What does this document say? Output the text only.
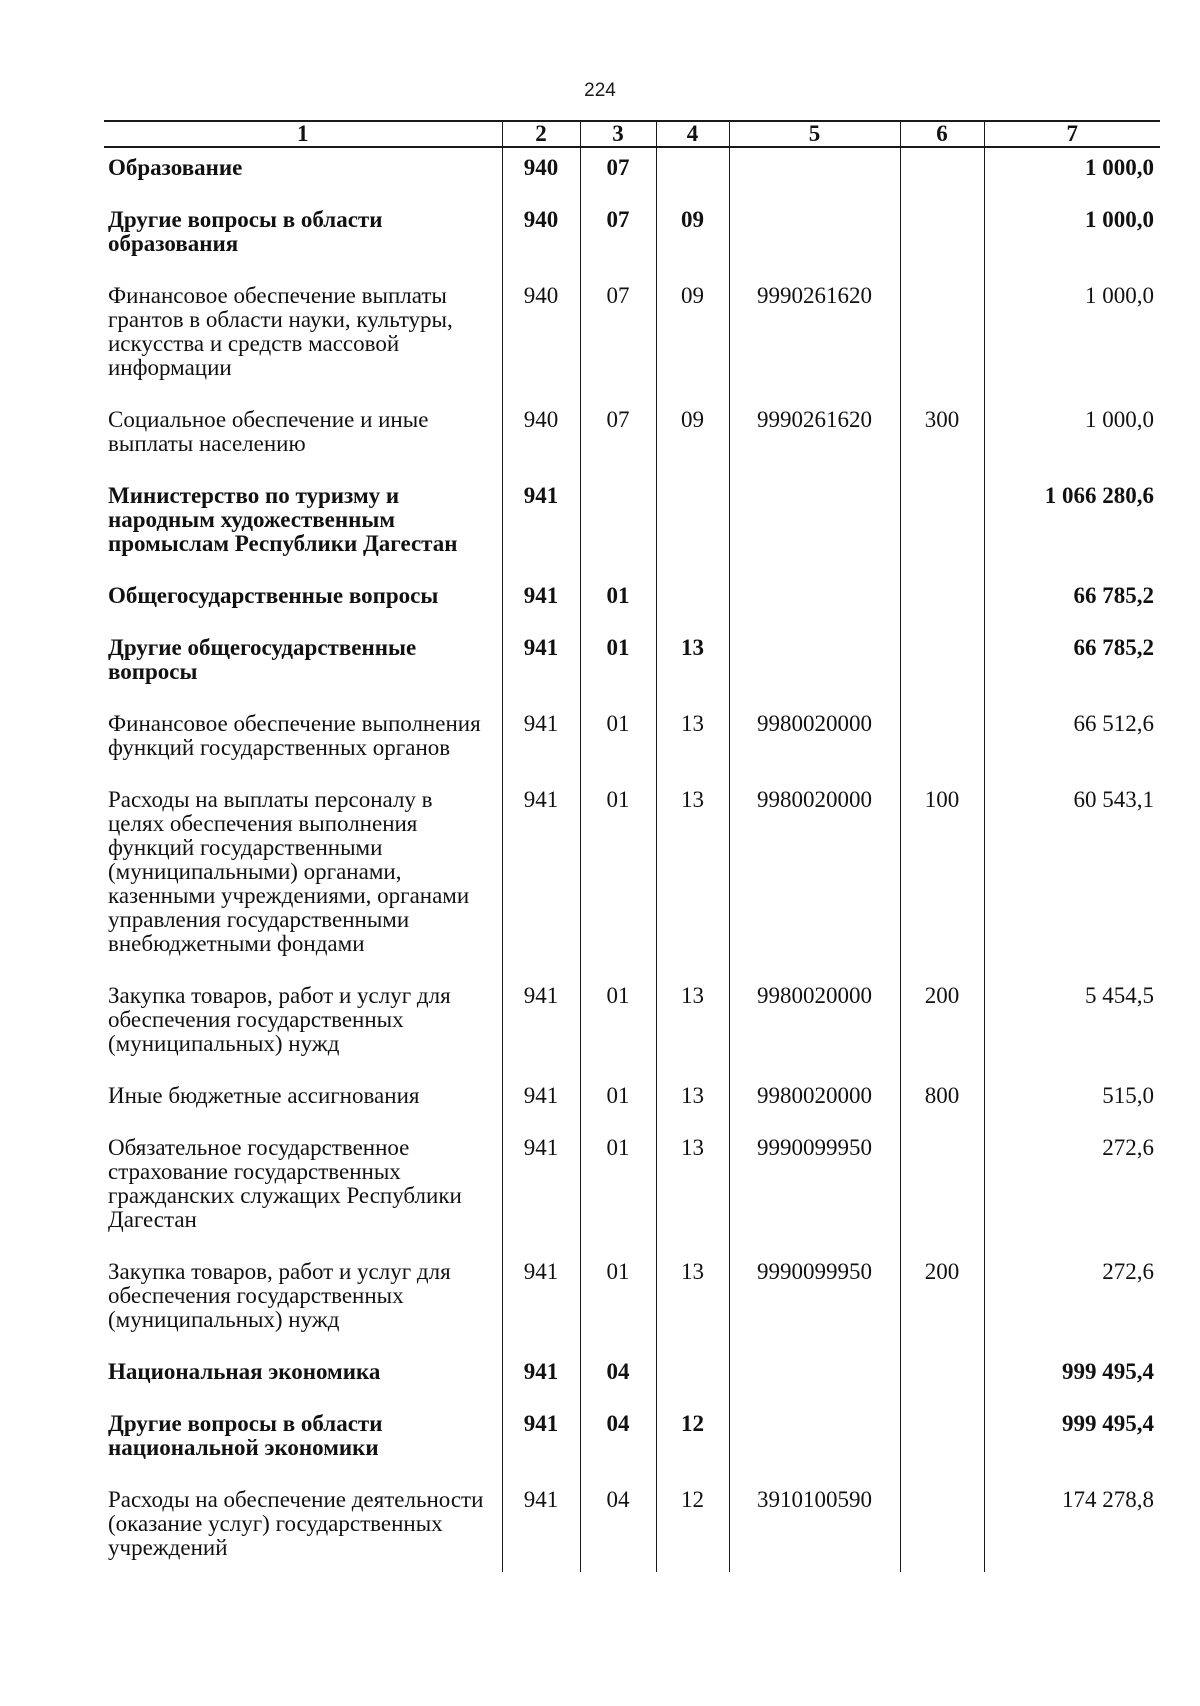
224
1	2	3	4	5	6	7
Образование	940	07				1 000,0
Другие вопросы в области образования	940	07	09			1 000,0
Финансовое обеспечение выплаты грантов в области науки, культуры, искусства и средств массовой информации	940	07	09	9990261620		1 000,0
Социальное обеспечение и иные выплаты населению	940	07	09	9990261620	300	1 000,0
Министерство по туризму и народным художественным промыслам Республики Дагестан	941					1 066 280,6
Общегосударственные вопросы	941	01				66 785,2
Другие общегосударственные вопросы	941	01	13			66 785,2
Финансовое обеспечение выполнения функций государственных органов	941	01	13	9980020000		66 512,6
Расходы на выплаты персоналу в целях обеспечения выполнения функций государственными (муниципальными) органами, казенными учреждениями, органами управления государственными внебюджетными фондами	941	01	13	9980020000	100	60 543,1
Закупка товаров, работ и услуг для обеспечения государственных (муниципальных) нужд	941	01	13	9980020000	200	5 454,5
Иные бюджетные ассигнования	941	01	13	9980020000	800	515,0
Обязательное государственное страхование государственных гражданских служащих Республики Дагестан	941	01	13	9990099950		272,6
Закупка товаров, работ и услуг для обеспечения государственных (муниципальных) нужд	941	01	13	9990099950	200	272,6
Национальная экономика	941	04				999 495,4
Другие вопросы в области национальной экономики	941	04	12			999 495,4
Расходы на обеспечение деятельности (оказание услуг) государственных учреждений	941	04	12	3910100590		174 278,8
